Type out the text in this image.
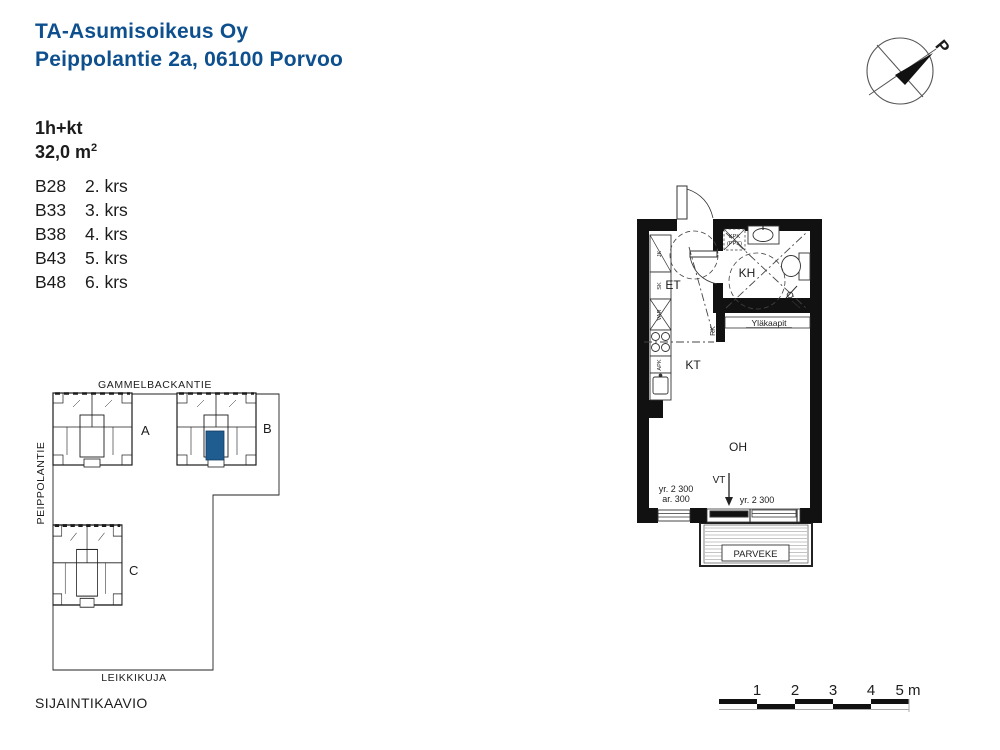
TA-Asumisoikeus Oy
Peippolantie 2a, 06100 Porvoo
P
1h+kt
32,0 $m^2$
B28	2. krs
B33	3. krs
B38	4. krs
B43	5. krs
B48	6. krs
GAMMELBACKANTIE
PEIPPOLANTIE
LEIKKIKUJA
A	B
C
SIJAINTIKAAVIO
PARVEKE
JK
SK
VAR
APK
KPK
(PPK)
Yläkaapit
ET
KH
KT
OH
RK
yr. 2 300
ar. 300	yr. 2 300
VT
1 2 3 4 5 m
